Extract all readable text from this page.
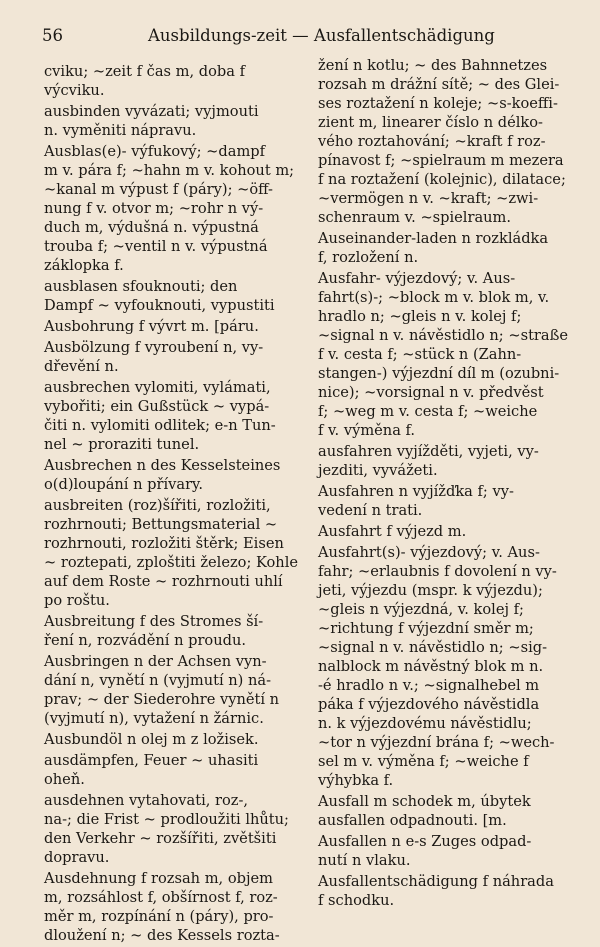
56	Ausbildungs-zeit — Ausfallentschädigung
cviku; ~zeit f čas m, doba f
výcviku.
ausbinden vyvázati; vyjmouti
n. vyměniti nápravu.
Ausblas(e)- výfukový; ~dampf
m v. pára f; ~hahn m v. kohout m;
~kanal m výpust f (páry); ~öff-
nung f v. otvor m; ~rohr n vý-
duch m, výdušná n. výpustná
trouba f; ~ventil n v. výpustná
záklopka f.
ausblasen sfouknouti; den
Dampf ~ vyfouknouti, vypustiti
Ausbohrung f vývrt m. [páru.
Ausbölzung f vyroubení n, vy-
dřevění n.
ausbrechen vylomiti, vylámati,
vybořiti; ein Gußstück ~ vypá-
čiti n. vylomiti odlitek; e-n Tun-
nel ~ proraziti tunel.
Ausbrechen n des Kesselsteines
o(d)loupání n přívary.
ausbreiten (roz)šířiti, rozložiti,
rozhrnouti; Bettungsmaterial ~
rozhrnouti, rozložiti štěrk; Eisen
~ roztepati, zploštiti železo; Kohle
auf dem Roste ~ rozhrnouti uhlí
po roštu.
Ausbreitung f des Stromes ší-
ření n, rozvádění n proudu.
Ausbringen n der Achsen vyn-
dání n, vynětí n (vyjmutí n) ná-
prav; ~ der Siederohre vynětí n
(vyjmutí n), vytažení n žárnic.
Ausbundöl n olej m z ložisek.
ausdämpfen, Feuer ~ uhasiti
oheň.
ausdehnen vytahovati, roz-,
na-; die Frist ~ prodloužiti lhůtu;
den Verkehr ~ rozšířiti, zvětšiti
dopravu.
Ausdehnung f rozsah m, objem
m, rozsáhlost f, obšírnost f, roz-
měr m, rozpínání n (páry), pro-
dloužení n; ~ des Kessels rozta-
žení n kotlu; ~ des Bahnnetzes
rozsah m drážní sítě; ~ des Glei-
ses roztažení n koleje; ~s-koeffi-
zient m, linearer číslo n délko-
vého roztahování; ~kraft f roz-
pínavost f; ~spielraum m mezera
f na roztažení (kolejnic), dilatace;
~vermögen n v. ~kraft; ~zwi-
schenraum v. ~spielraum.
Auseinander-laden n rozkládka
f, rozložení n.
Ausfahr- výjezdový; v. Aus-
fahrt(s)-; ~block m v. blok m, v.
hradlo n; ~gleis n v. kolej f;
~signal n v. návěstidlo n; ~straße
f v. cesta f; ~stück n (Zahn-
stangen-) výjezdní díl m (ozubni-
nice); ~vorsignal n v. předvěst
f; ~weg m v. cesta f; ~weiche
f v. výměna f.
ausfahren vyjížděti, vyjeti, vy-
jezditi, vyvážeti.
Ausfahren n vyjížďka f; vy-
vedení n trati.
Ausfahrt f výjezd m.
Ausfahrt(s)- výjezdový; v. Aus-
fahr; ~erlaubnis f dovolení n vy-
jeti, výjezdu (mspr. k výjezdu);
~gleis n výjezdná, v. kolej f;
~richtung f výjezdní směr m;
~signal n v. návěstidlo n; ~sig-
nalblock m návěstný blok m n.
-é hradlo n v.; ~signalhebel m
páka f výjezdového návěstidla
n. k výjezdovému návěstidlu;
~tor n výjezdní brána f; ~wech-
sel m v. výměna f; ~weiche f
výhybka f.
Ausfall m schodek m, úbytek
ausfallen odpadnouti. [m.
Ausfallen n e-s Zuges odpad-
nutí n vlaku.
Ausfallentschädigung f náhrada
f schodku.
